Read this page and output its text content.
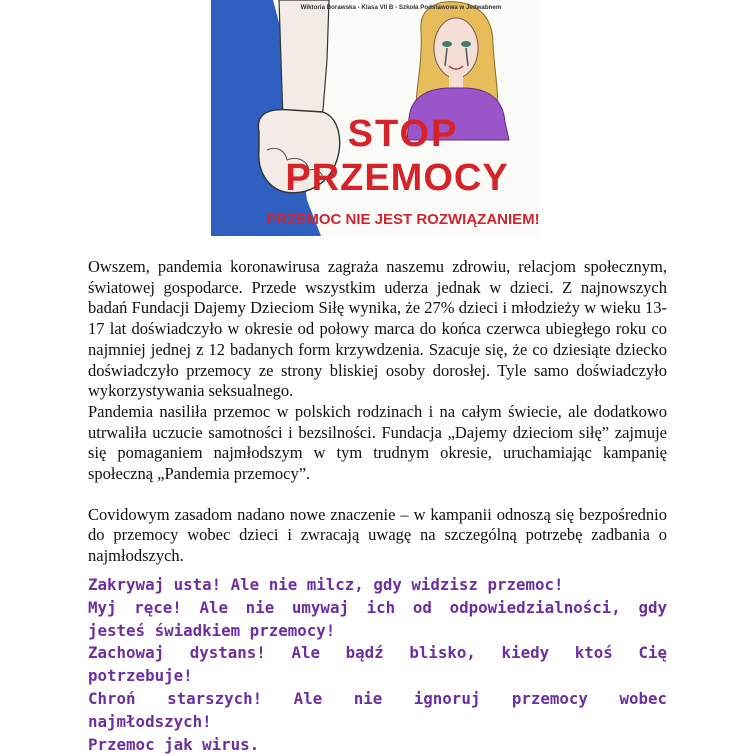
Wiktoria Borawska - Klasa VII B - Szkoła Podstawowa w Jedwabnem
STOP
PRZEMOCY
PRZEMOC NIE JEST ROZWIĄZANIEM!

Owszem, pandemia koronawirusa zagraża naszemu zdrowiu, relacjom społecznym, światowej gospodarce. Przede wszystkim uderza jednak w dzieci. Z najnowszych badań Fundacji Dajemy Dzieciom Siłę wynika, że 27% dzieci i młodzieży w wieku 13-17 lat doświadczyło w okresie od połowy marca do końca czerwca ubiegłego roku co najmniej jednej z 12 badanych form krzywdzenia. Szacuje się, że co dziesiąte dziecko doświadczyło przemocy ze strony bliskiej osoby dorosłej. Tyle samo doświadczyło wykorzystywania seksualnego.

Pandemia nasiliła przemoc w polskich rodzinach i na całym świecie, ale dodatkowo utrwaliła uczucie samotności i bezsilności. Fundacja „Dajemy dzieciom siłę” zajmuje się pomaganiem najmłodszym w tym trudnym okresie, uruchamiając kampanię społeczną „Pandemia przemocy”.

Covidowym zasadom nadano nowe znaczenie – w kampanii odnoszą się bezpośrednio do przemocy wobec dzieci i zwracają uwagę na szczególną potrzebę zadbania o najmłodszych.

Zakrywaj usta! Ale nie milcz, gdy widzisz przemoc!

Myj ręce! Ale nie umywaj ich od odpowiedzialności, gdy jesteś świadkiem przemocy!

Zachowaj dystans! Ale bądź blisko, kiedy ktoś Cię potrzebuje!

Chroń starszych! Ale nie ignoruj przemocy wobec najmłodszych!

Przemoc jak wirus.
